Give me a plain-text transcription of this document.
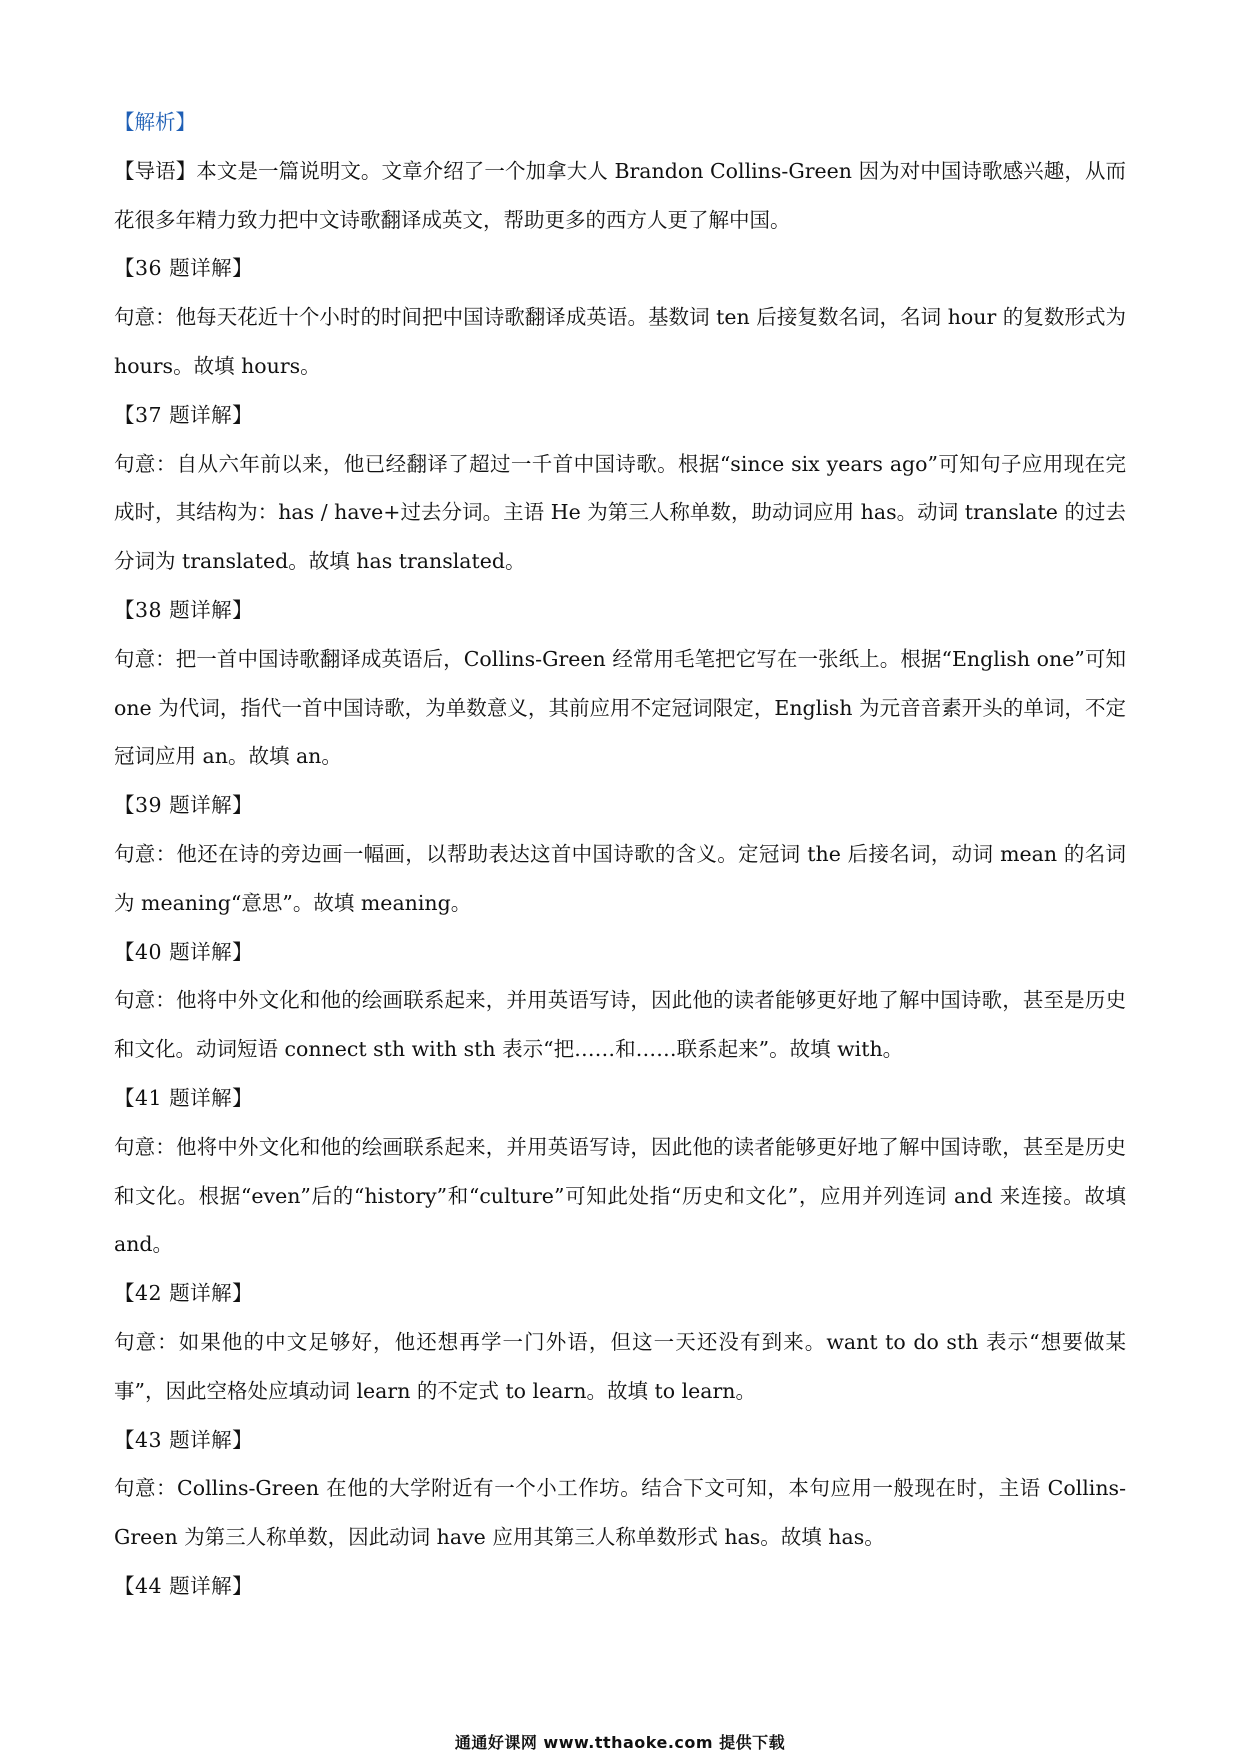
【解析】

【导语】本文是一篇说明文。文章介绍了一个加拿大人 Brandon Collins-Green 因为对中国诗歌感兴趣，从而花很多年精力致力把中文诗歌翻译成英文，帮助更多的西方人更了解中国。

【36 题详解】

句意：他每天花近十个小时的时间把中国诗歌翻译成英语。基数词 ten 后接复数名词，名词 hour 的复数形式为 hours。故填 hours。

【37 题详解】

句意：自从六年前以来，他已经翻译了超过一千首中国诗歌。根据“since six years ago”可知句子应用现在完成时，其结构为：has / have+过去分词。主语 He 为第三人称单数，助动词应用 has。动词 translate 的过去分词为 translated。故填 has translated。

【38 题详解】

句意：把一首中国诗歌翻译成英语后，Collins-Green 经常用毛笔把它写在一张纸上。根据“English one”可知 one 为代词，指代一首中国诗歌，为单数意义，其前应用不定冠词限定，English 为元音音素开头的单词，不定冠词应用 an。故填 an。

【39 题详解】

句意：他还在诗的旁边画一幅画，以帮助表达这首中国诗歌的含义。定冠词 the 后接名词，动词 mean 的名词为 meaning“意思”。故填 meaning。

【40 题详解】

句意：他将中外文化和他的绘画联系起来，并用英语写诗，因此他的读者能够更好地了解中国诗歌，甚至是历史和文化。动词短语 connect sth with sth 表示“把……和……联系起来”。故填 with。

【41 题详解】

句意：他将中外文化和他的绘画联系起来，并用英语写诗，因此他的读者能够更好地了解中国诗歌，甚至是历史和文化。根据“even”后的“history”和“culture”可知此处指“历史和文化”，应用并列连词 and 来连接。故填 and。

【42 题详解】

句意：如果他的中文足够好，他还想再学一门外语，但这一天还没有到来。want to do sth 表示“想要做某事”，因此空格处应填动词 learn 的不定式 to learn。故填 to learn。

【43 题详解】

句意：Collins-Green 在他的大学附近有一个小工作坊。结合下文可知，本句应用一般现在时，主语 Collins-Green 为第三人称单数，因此动词 have 应用其第三人称单数形式 has。故填 has。

【44 题详解】

通通好课网 www.tthaoke.com 提供下载
